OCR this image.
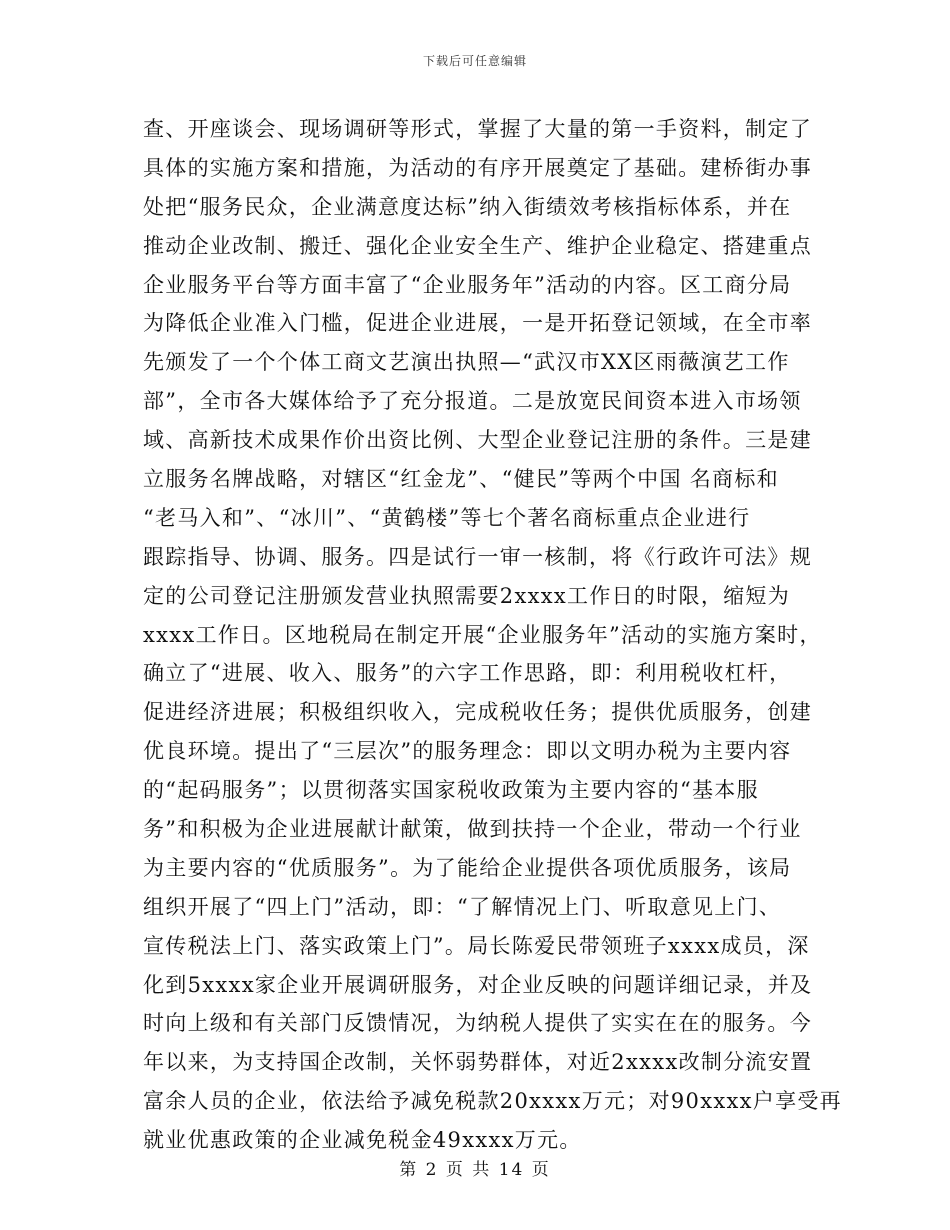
下载后可任意编辑
查、开座谈会、现场调研等形式，掌握了大量的第一手资料，制定了
具体的实施方案和措施，为活动的有序开展奠定了基础。建桥街办事
处把“服务民众，企业满意度达标”纳入街绩效考核指标体系，并在
推动企业改制、搬迁、强化企业安全生产、维护企业稳定、搭建重点
企业服务平台等方面丰富了“企业服务年”活动的内容。区工商分局
为降低企业准入门槛，促进企业进展，一是开拓登记领域，在全市率
先颁发了一个个体工商文艺演出执照—“武汉市XX区雨薇演艺工作
部”，全市各大媒体给予了充分报道。二是放宽民间资本进入市场领
域、高新技术成果作价出资比例、大型企业登记注册的条件。三是建
立服务名牌战略，对辖区“红金龙”、“健民”等两个中国 名商标和
“老马入和”、“冰川”、“黄鹤楼”等七个著名商标重点企业进行
跟踪指导、协调、服务。四是试行一审一核制，将《行政许可法》规
定的公司登记注册颁发营业执照需要2xxxx工作日的时限，缩短为
xxxx工作日。区地税局在制定开展“企业服务年”活动的实施方案时，
确立了“进展、收入、服务”的六字工作思路，即：利用税收杠杆，
促进经济进展；积极组织收入，完成税收任务；提供优质服务，创建
优良环境。提出了“三层次”的服务理念：即以文明办税为主要内容
的“起码服务”；以贯彻落实国家税收政策为主要内容的“基本服
务”和积极为企业进展献计献策，做到扶持一个企业，带动一个行业
为主要内容的“优质服务”。为了能给企业提供各项优质服务，该局
组织开展了“四上门”活动，即：“了解情况上门、听取意见上门、
宣传税法上门、落实政策上门”。局长陈爱民带领班子xxxx成员，深
化到5xxxx家企业开展调研服务，对企业反映的问题详细记录，并及
时向上级和有关部门反馈情况，为纳税人提供了实实在在的服务。今
年以来，为支持国企改制，关怀弱势群体，对近2xxxx改制分流安置
富余人员的企业，依法给予减免税款20xxxx万元；对90xxxx户享受再
就业优惠政策的企业减免税金49xxxx万元。
第 2 页 共 14 页
